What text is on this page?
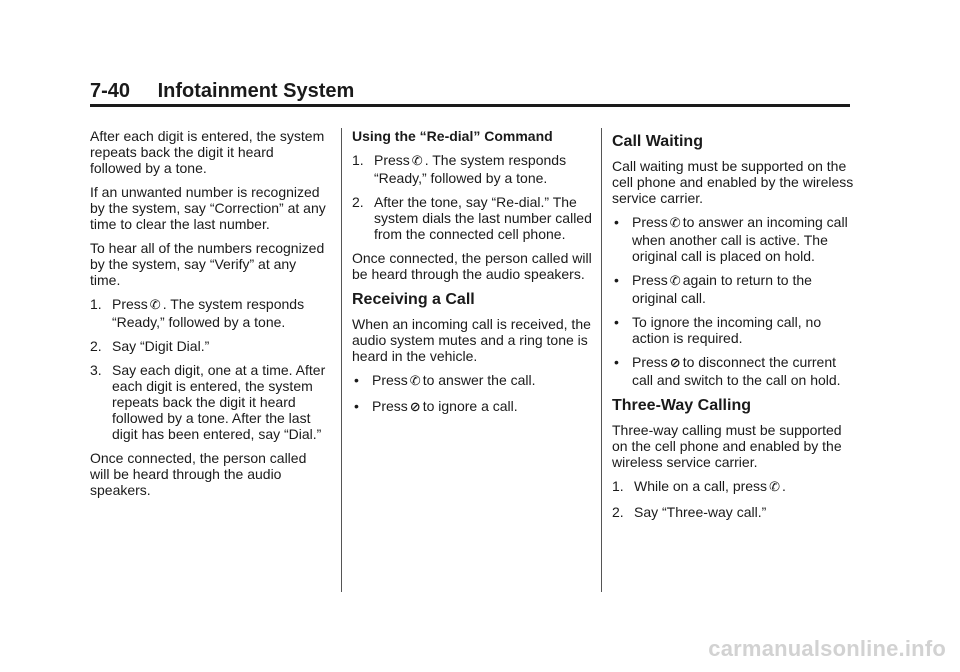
7-40 Infotainment System

After each digit is entered, the system repeats back the digit it heard followed by a tone.

If an unwanted number is recognized by the system, say “Correction” at any time to clear the last number.

To hear all of the numbers recognized by the system, say “Verify” at any time.

1. Press ✆ . The system responds “Ready,” followed by a tone.
2. Say “Digit Dial.”
3. Say each digit, one at a time. After each digit is entered, the system repeats back the digit it heard followed by a tone. After the last digit has been entered, say “Dial.”

Once connected, the person called will be heard through the audio speakers.

Using the “Re-dial” Command
1. Press ✆ . The system responds “Ready,” followed by a tone.
2. After the tone, say “Re-dial.” The system dials the last number called from the connected cell phone.

Once connected, the person called will be heard through the audio speakers.

Receiving a Call

When an incoming call is received, the audio system mutes and a ring tone is heard in the vehicle.

• Press ✆ to answer the call.
• Press ⊘ to ignore a call.
Call Waiting

Call waiting must be supported on the cell phone and enabled by the wireless service carrier.

• Press ✆ to answer an incoming call when another call is active. The original call is placed on hold.
• Press ✆ again to return to the original call.
• To ignore the incoming call, no action is required.
• Press ⊘ to disconnect the current call and switch to the call on hold.
Three-Way Calling

Three-way calling must be supported on the cell phone and enabled by the wireless service carrier.

1. While on a call, press ✆ .
2. Say “Three-way call.”
carmanualsonline.info
